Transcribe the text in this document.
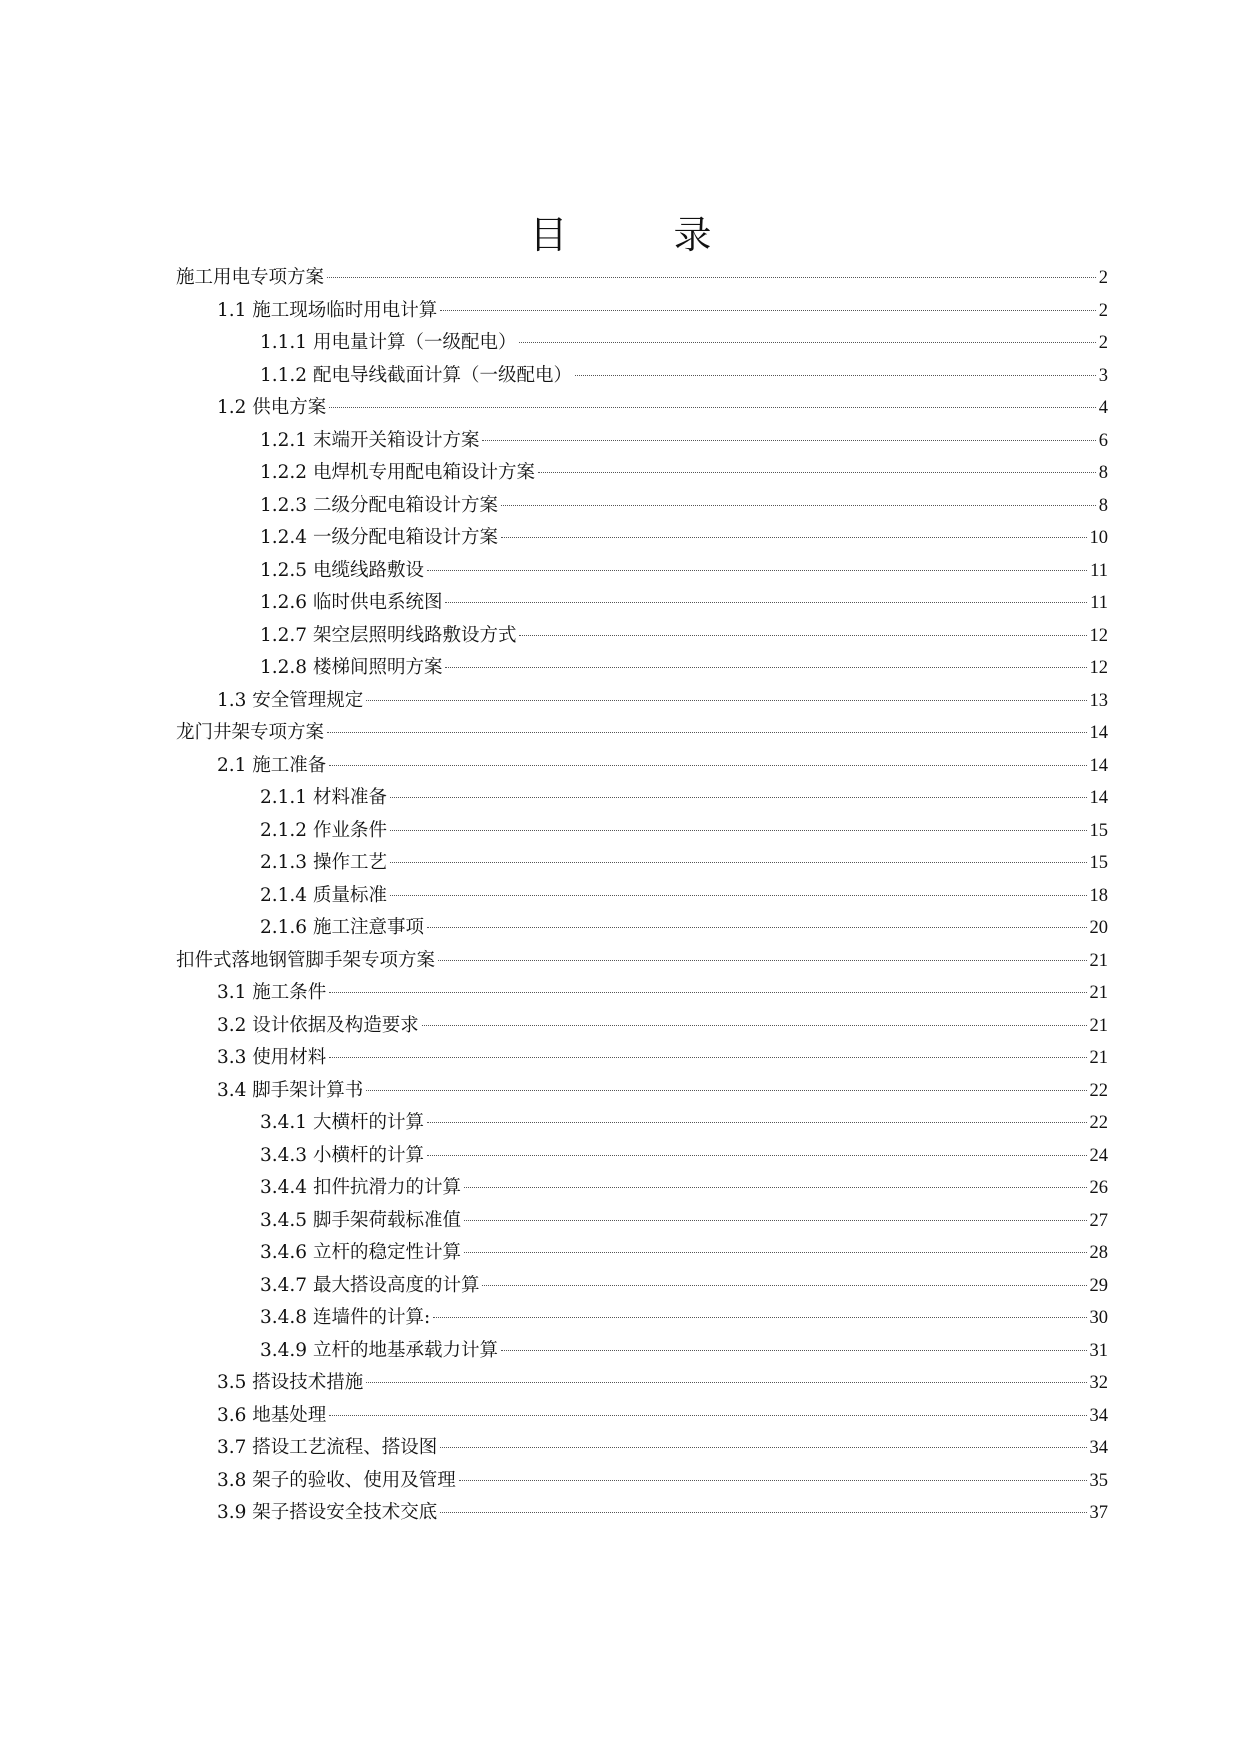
目　录
施工用电专项方案	2
1.1 施工现场临时用电计算	2
1.1.1 用电量计算（一级配电）	2
1.1.2 配电导线截面计算（一级配电）	3
1.2 供电方案	4
1.2.1 末端开关箱设计方案	6
1.2.2 电焊机专用配电箱设计方案	8
1.2.3 二级分配电箱设计方案	8
1.2.4 一级分配电箱设计方案	10
1.2.5 电缆线路敷设	11
1.2.6 临时供电系统图	11
1.2.7 架空层照明线路敷设方式	12
1.2.8 楼梯间照明方案	12
1.3 安全管理规定	13
龙门井架专项方案	14
2.1 施工准备	14
2.1.1 材料准备	14
2.1.2 作业条件	15
2.1.3 操作工艺	15
2.1.4 质量标准	18
2.1.6 施工注意事项	20
扣件式落地钢管脚手架专项方案	21
3.1 施工条件	21
3.2 设计依据及构造要求	21
3.3 使用材料	21
3.4 脚手架计算书	22
3.4.1 大横杆的计算	22
3.4.3 小横杆的计算	24
3.4.4 扣件抗滑力的计算	26
3.4.5 脚手架荷载标准值	27
3.4.6 立杆的稳定性计算	28
3.4.7 最大搭设高度的计算	29
3.4.8 连墙件的计算:	30
3.4.9 立杆的地基承载力计算	31
3.5 搭设技术措施	32
3.6 地基处理	34
3.7 搭设工艺流程、搭设图	34
3.8 架子的验收、使用及管理	35
3.9 架子搭设安全技术交底	37
